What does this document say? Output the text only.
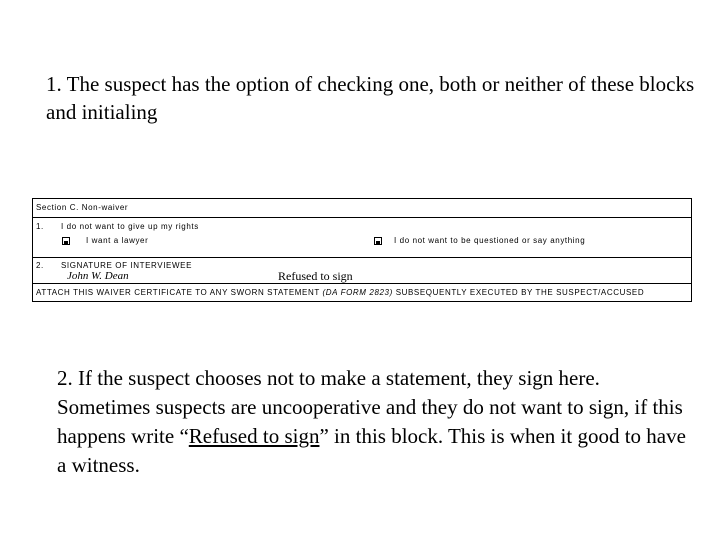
1. The suspect has the option of checking one, both or neither of these blocks and initialing
Section C. Non-waiver
1. I do not want to give up my rights
I want a lawyer	I do not want to be questioned or say anything
2. SIGNATURE OF INTERVIEWEE
John W. Dean	Refused to sign
ATTACH THIS WAIVER CERTIFICATE TO ANY SWORN STATEMENT (DA FORM 2823) SUBSEQUENTLY EXECUTED BY THE SUSPECT/ACCUSED
2. If the suspect chooses not to make a statement, they sign here. Sometimes suspects are uncooperative and they do not want to sign, if this happens write “Refused to sign” in this block. This is when it good to have a witness.
